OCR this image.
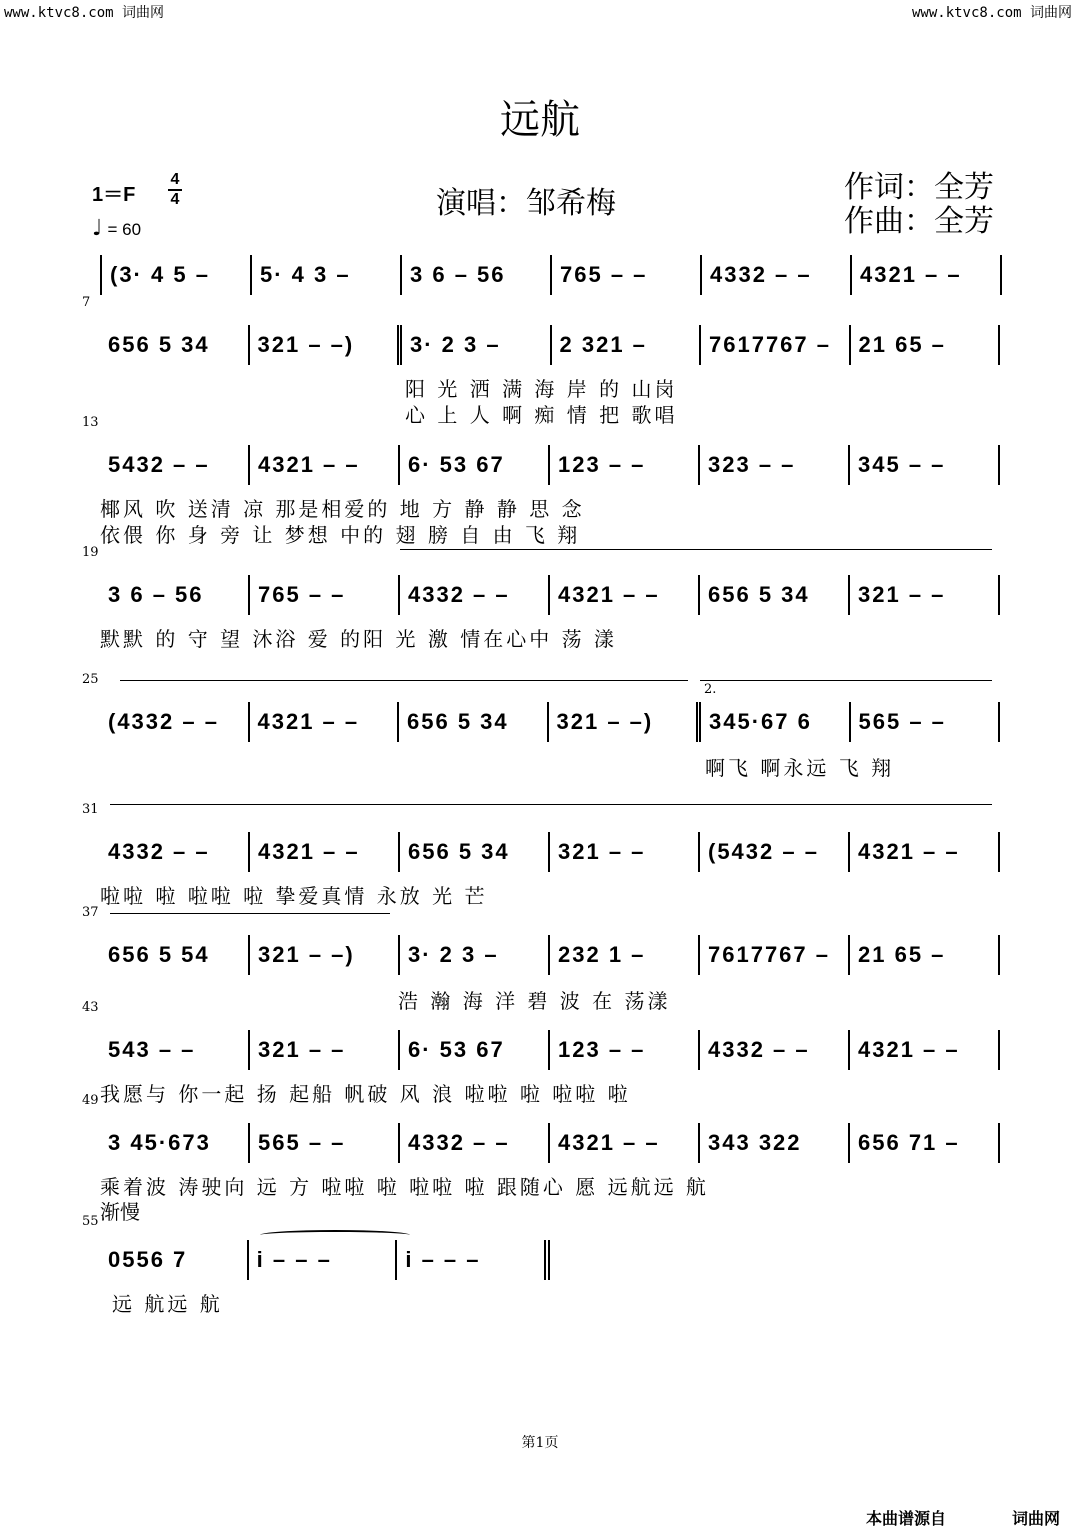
www.ktvc8.com 词曲网	www.ktvc8.com 词曲网
远航
1＝F
4
4
♩ = 60
演唱：邹希梅	作词：全芳
作曲：全芳
(3· 4 5 –	5· 4 3 –	3 6 – 56	765 – –	4332 – –	4321 – –
7
656 5 34	321 – –)	3· 2 3 –	2 321 –	7617767 –	21 65 –
阳 光 洒 满 海 岸 的 山岗
心 上 人 啊 痴 情 把 歌唱
13
5432 – –	4321 – –	6· 53 67	123 – –	323 – –	345 – –
椰风 吹 送清 凉 那是相爱的 地 方 静 静 思 念
依偎 你 身 旁 让 梦想 中的 翅 膀 自 由 飞 翔
19
3 6 – 56	765 – –	4332 – –	4321 – –	656 5 34	321 – –
默默 的 守 望 沐浴 爱 的阳 光 激 情在心中 荡 漾
25
2.
(4332 – –	4321 – –	656 5 34	321 – –)	345·67 6	565 – –
啊飞 啊永远 飞 翔
31
4332 – –	4321 – –	656 5 34	321 – –	(5432 – –	4321 – –
啦啦 啦 啦啦 啦 挚爱真情 永放 光 芒
37
656 5 54	321 – –)	3· 2 3 –	232 1 –	7617767 –	21 65 –
浩 瀚 海 洋 碧 波 在 荡漾
43
543 – –	321 – –	6· 53 67	123 – –	4332 – –	4321 – –
我愿与 你一起 扬 起船 帆破 风 浪 啦啦 啦 啦啦 啦
49
3 45·673	565 – –	4332 – –	4321 – –	343 322	656 71 –
乘着波 涛驶向 远 方 啦啦 啦 啦啦 啦 跟随心 愿 远航远 航
55 渐慢
0556 7	i – – –	i – – –
远 航远 航
第1页
本曲谱源自	词曲网
